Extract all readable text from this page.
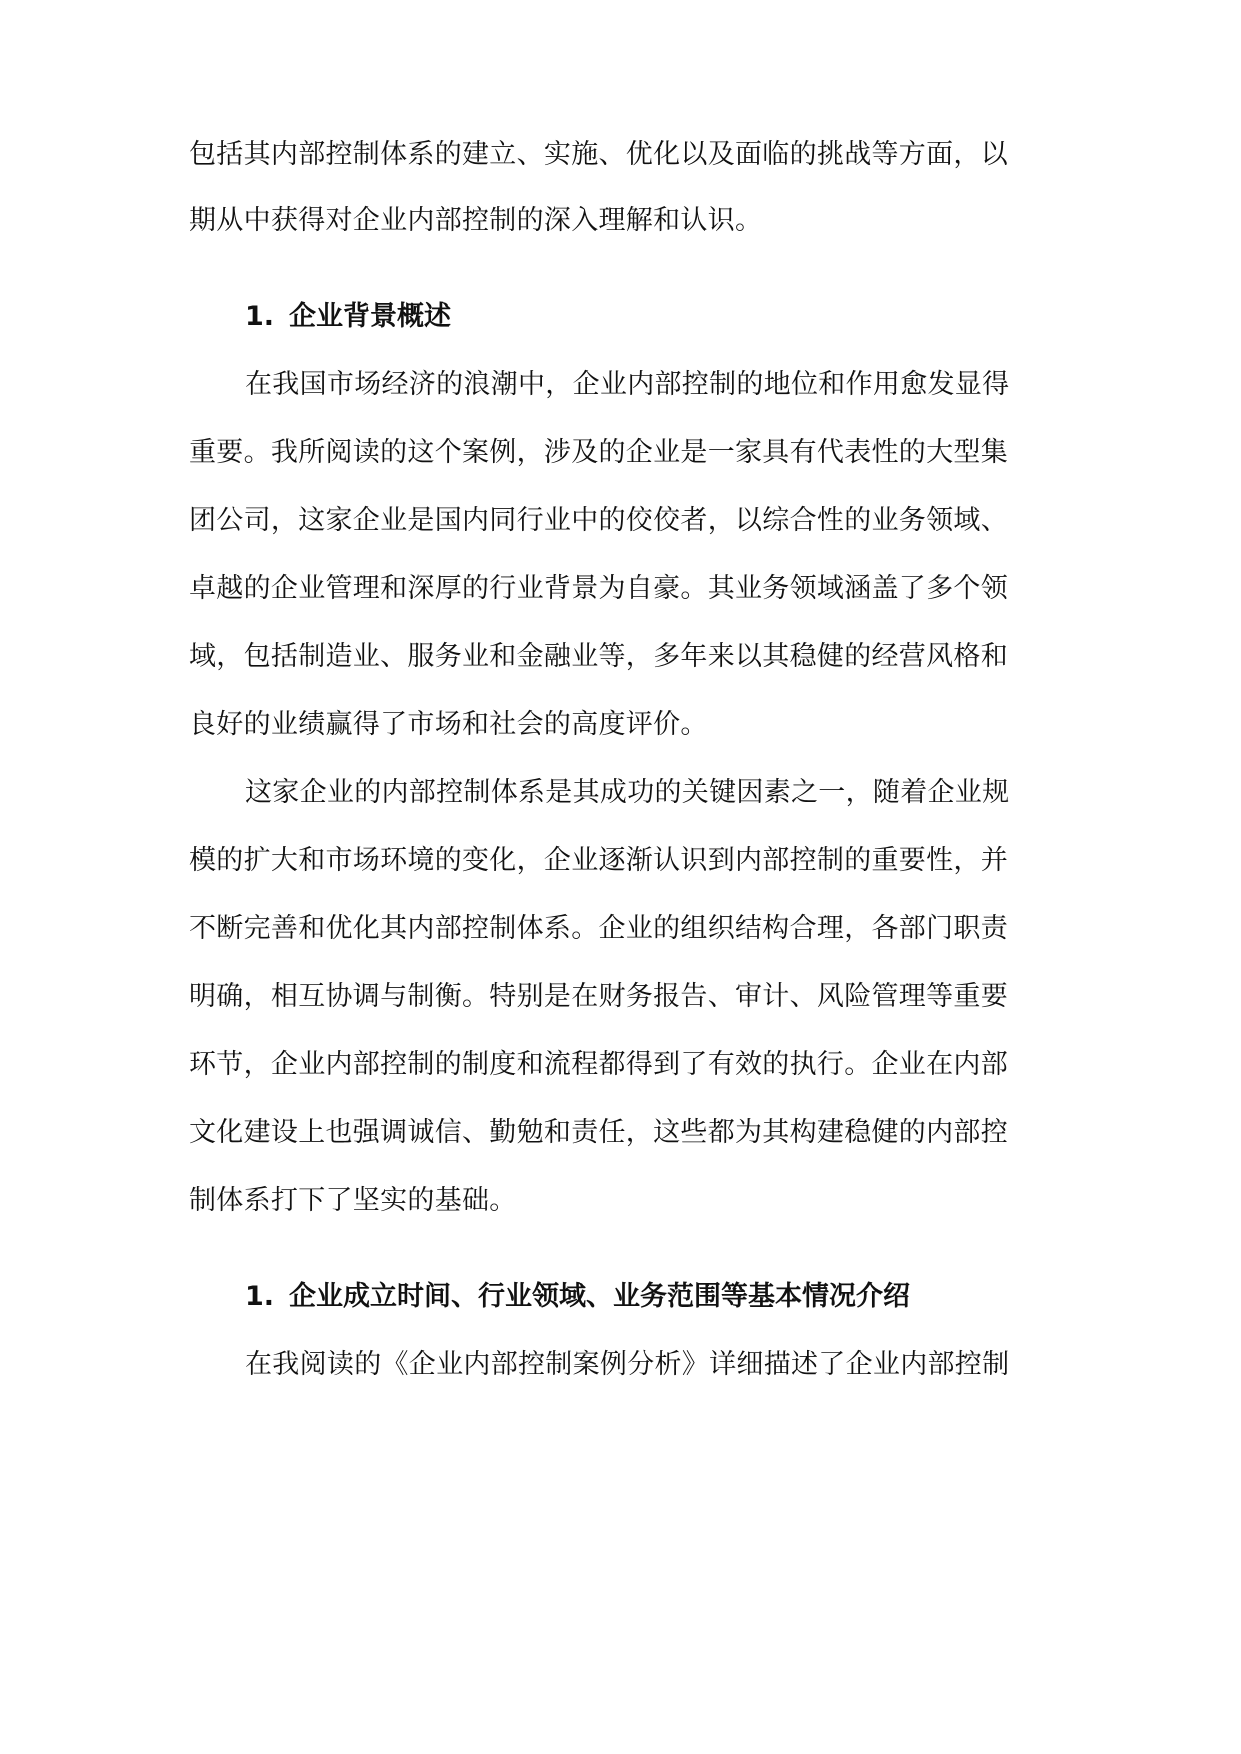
包括其内部控制体系的建立、实施、优化以及面临的挑战等方面，以
期从中获得对企业内部控制的深入理解和认识。
1. 企业背景概述
在我国市场经济的浪潮中，企业内部控制的地位和作用愈发显得
重要。我所阅读的这个案例，涉及的企业是一家具有代表性的大型集
团公司，这家企业是国内同行业中的佼佼者，以综合性的业务领域、
卓越的企业管理和深厚的行业背景为自豪。其业务领域涵盖了多个领
域，包括制造业、服务业和金融业等，多年来以其稳健的经营风格和
良好的业绩赢得了市场和社会的高度评价。
这家企业的内部控制体系是其成功的关键因素之一，随着企业规
模的扩大和市场环境的变化，企业逐渐认识到内部控制的重要性，并
不断完善和优化其内部控制体系。企业的组织结构合理，各部门职责
明确，相互协调与制衡。特别是在财务报告、审计、风险管理等重要
环节，企业内部控制的制度和流程都得到了有效的执行。企业在内部
文化建设上也强调诚信、勤勉和责任，这些都为其构建稳健的内部控
制体系打下了坚实的基础。
1. 企业成立时间、行业领域、业务范围等基本情况介绍
在我阅读的《企业内部控制案例分析》详细描述了企业内部控制
